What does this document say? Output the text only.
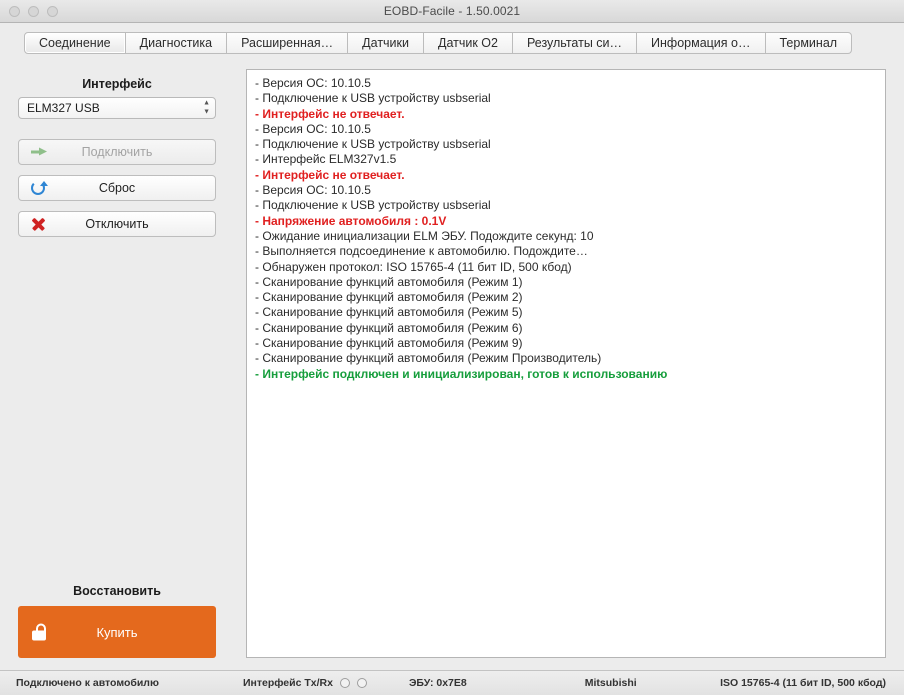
EOBD-Facile - 1.50.0021
Соединение	Диагностика	Расширенная…	Датчики	Датчик O2	Результаты си…	Информация о…	Терминал
Интерфейс
ELM327 USB	▲
▼
Подключить
Сброс
Отключить
Восстановить
Купить
- Версия ОС: 10.10.5
- Подключение к USB устройству usbserial
- Интерфейс не отвечает.
- Версия ОС: 10.10.5
- Подключение к USB устройству usbserial
- Интерфейс ELM327v1.5
- Интерфейс не отвечает.
- Версия ОС: 10.10.5
- Подключение к USB устройству usbserial
- Напряжение автомобиля : 0.1V
- Ожидание инициализации ELM ЭБУ. Подождите секунд: 10
- Выполняется подсоединение к автомобилю. Подождите…
- Обнаружен протокол: ISO 15765-4 (11 бит ID, 500 кбод)
- Сканирование функций автомобиля (Режим 1)
- Сканирование функций автомобиля (Режим 2)
- Сканирование функций автомобиля (Режим 5)
- Сканирование функций автомобиля (Режим 6)
- Сканирование функций автомобиля (Режим 9)
- Сканирование функций автомобиля (Режим Производитель)
- Интерфейс подключен и инициализирован, готов к использованию
Подключено к автомобилю	Интерфейс Tx/Rx	ЭБУ: 0x7E8	Mitsubishi	ISO 15765-4 (11 бит ID, 500 кбод)
